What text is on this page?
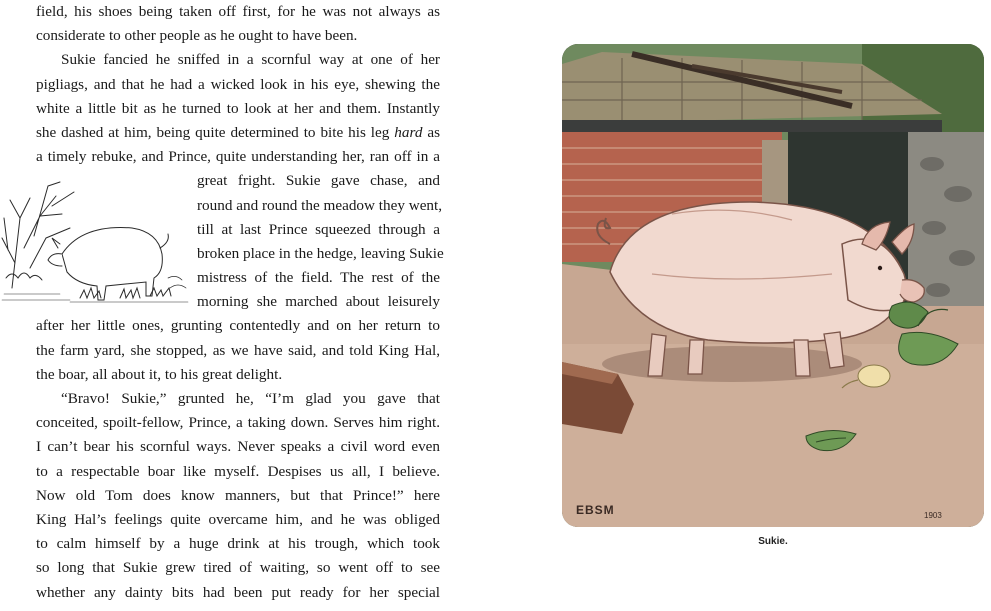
field, his shoes being taken off first, for he was not always as
considerate to other people as he ought to have been.
Sukie fancied he sniffed in a scornful way at one of her
pigliags, and that he had a wicked look in his eye, shewing the
white a little bit as he turned to look at her and them. Instantly
she dashed at him, being quite determined to bite his leg hard as
a timely rebuke, and Prince, quite understanding her, ran off in a
great fright. Sukie gave chase, and
round and round the meadow they went,
till at last Prince squeezed through a
broken place in the hedge, leaving Sukie
mistress of the field. The rest of the
morning she marched about leisurely
after her little ones, grunting contentedly and on her return to
the farm yard, she stopped, as we have said, and told King Hal,
the boar, all about it, to his great delight.
“Bravo! Sukie,” grunted he, “I’m glad you gave that
conceited, spoilt-fellow, Prince, a taking down. Serves him right.
I can’t bear his scornful ways. Never speaks a civil word even
to a respectable boar like myself. Despises us all, I believe.
Now old Tom does know manners, but that Prince!” here
King Hal’s feelings quite overcame him, and he was obliged
to calm himself by a huge drink at his trough, which took
so long that Sukie grew tired of waiting, so went off to see
whether any dainty bits had been put ready for her special
EBSM	1903
Sukie.
